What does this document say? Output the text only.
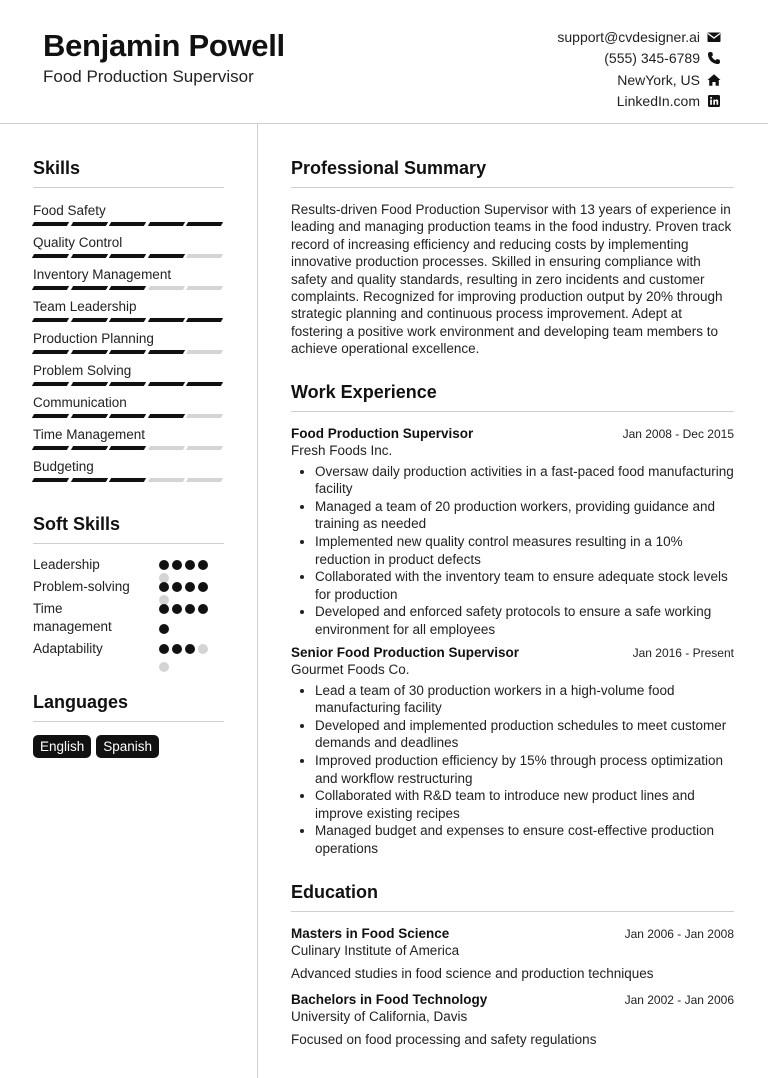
Benjamin Powell
Food Production Supervisor
support@cvdesigner.ai
(555) 345-6789
NewYork, US
LinkedIn.com
Skills
Food Safety
Quality Control
Inventory Management
Team Leadership
Production Planning
Problem Solving
Communication
Time Management
Budgeting
Soft Skills
Leadership
Problem-solving
Time management
Adaptability
Languages
English	Spanish
Professional Summary
Results-driven Food Production Supervisor with 13 years of experience in leading and managing production teams in the food industry. Proven track record of increasing efficiency and reducing costs by implementing innovative production processes. Skilled in ensuring compliance with safety and quality standards, resulting in zero incidents and customer complaints. Recognized for improving production output by 20% through strategic planning and continuous process improvement. Adept at fostering a positive work environment and developing team members to achieve operational excellence.
Work Experience
Food Production Supervisor	Jan 2008 - Dec 2015
Fresh Foods Inc.
• Oversaw daily production activities in a fast-paced food manufacturing facility
• Managed a team of 20 production workers, providing guidance and training as needed
• Implemented new quality control measures resulting in a 10% reduction in product defects
• Collaborated with the inventory team to ensure adequate stock levels for production
• Developed and enforced safety protocols to ensure a safe working environment for all employees
Senior Food Production Supervisor	Jan 2016 - Present
Gourmet Foods Co.
• Lead a team of 30 production workers in a high-volume food manufacturing facility
• Developed and implemented production schedules to meet customer demands and deadlines
• Improved production efficiency by 15% through process optimization and workflow restructuring
• Collaborated with R&D team to introduce new product lines and improve existing recipes
• Managed budget and expenses to ensure cost-effective production operations
Education
Masters in Food Science	Jan 2006 - Jan 2008
Culinary Institute of America
Advanced studies in food science and production techniques
Bachelors in Food Technology	Jan 2002 - Jan 2006
University of California, Davis
Focused on food processing and safety regulations
